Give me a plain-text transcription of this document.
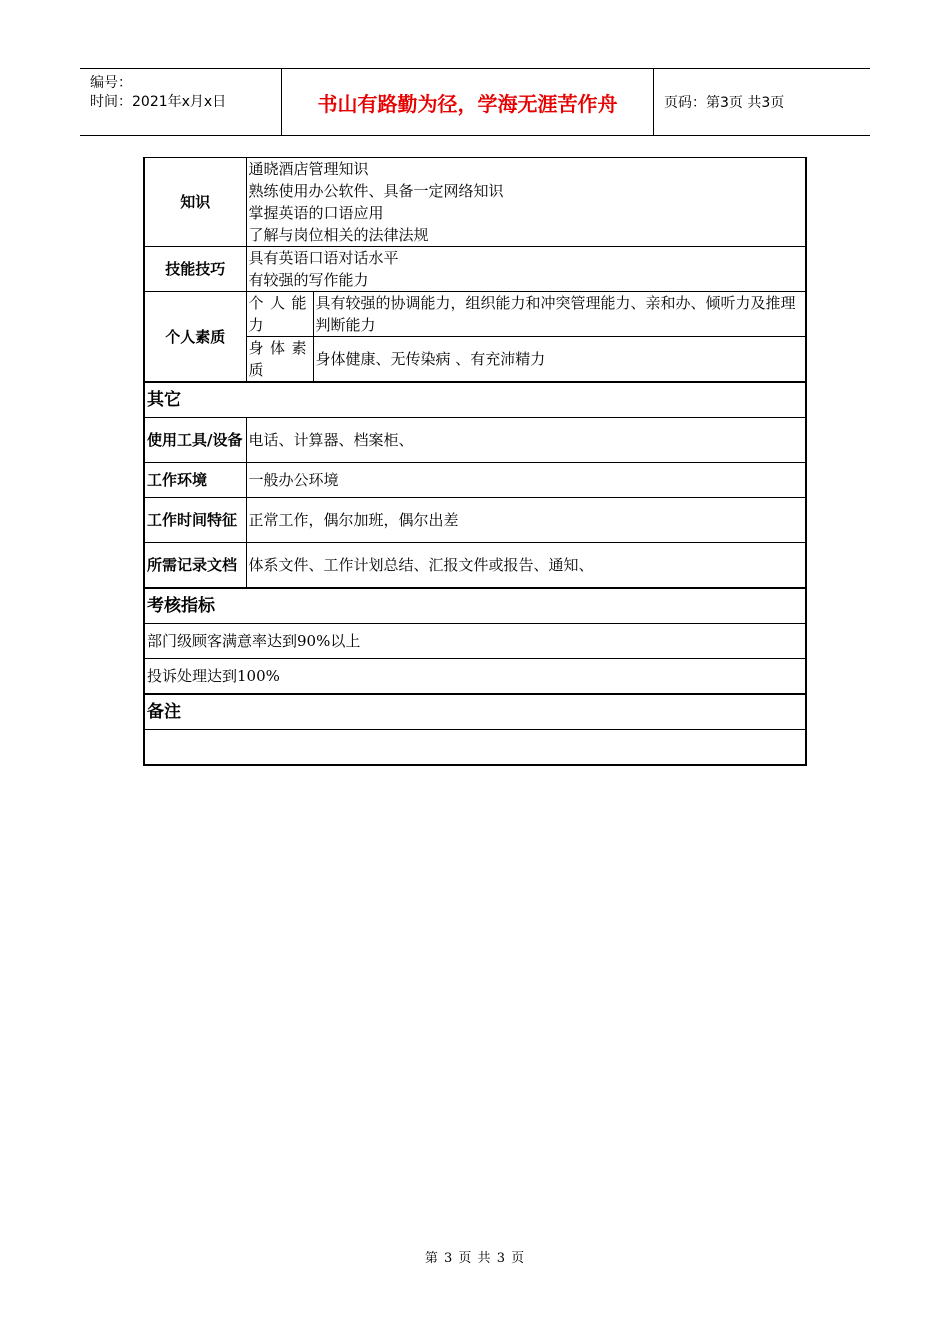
编号：
时间：2021年x月x日	书山有路勤为径，学海无涯苦作舟	页码：第3页 共3页
知识	通晓酒店管理知识
熟练使用办公软件、具备一定网络知识
掌握英语的口语应用
了解与岗位相关的法律法规	

技能技巧	具有英语口语对话水平
有较强的写作能力	

个人素质	个人能力	具有较强的协调能力，组织能力和冲突管理能力、亲和办、倾听力及推理判断能力
	身体素质	身体健康、无传染病 、有充沛精力
其它		
使用工具/设备	电话、计算器、档案柜、	
工作环境	一般办公环境	
工作时间特征	正常工作，偶尔加班，偶尔出差	
所需记录文档	体系文件、工作计划总结、汇报文件或报告、通知、	
考核指标		
部门级顾客满意率达到90%以上		
投诉处理达到100%		
备注		

第 3 页 共 3 页
